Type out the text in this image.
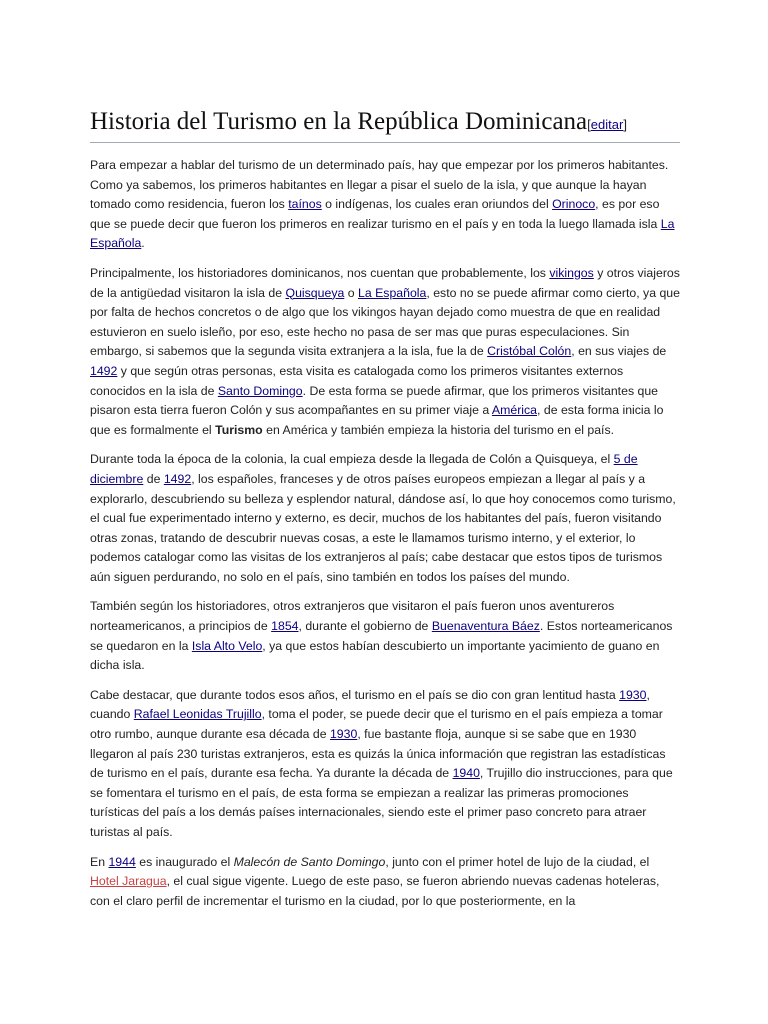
Historia del Turismo en la República Dominicana[editar]

Para empezar a hablar del turismo de un determinado país, hay que empezar por los primeros habitantes. Como ya sabemos, los primeros habitantes en llegar a pisar el suelo de la isla, y que aunque la hayan tomado como residencia, fueron los taínos o indígenas, los cuales eran oriundos del Orinoco, es por eso que se puede decir que fueron los primeros en realizar turismo en el país y en toda la luego llamada isla La Española.

Principalmente, los historiadores dominicanos, nos cuentan que probablemente, los vikingos y otros viajeros de la antigüedad visitaron la isla de Quisqueya o La Española, esto no se puede afirmar como cierto, ya que por falta de hechos concretos o de algo que los vikingos hayan dejado como muestra de que en realidad estuvieron en suelo isleño, por eso, este hecho no pasa de ser mas que puras especulaciones. Sin embargo, si sabemos que la segunda visita extranjera a la isla, fue la de Cristóbal Colón, en sus viajes de 1492 y que según otras personas, esta visita es catalogada como los primeros visitantes externos conocidos en la isla de Santo Domingo. De esta forma se puede afirmar, que los primeros visitantes que pisaron esta tierra fueron Colón y sus acompañantes en su primer viaje a América, de esta forma inicia lo que es formalmente el Turismo en América y también empieza la historia del turismo en el país.

Durante toda la época de la colonia, la cual empieza desde la llegada de Colón a Quisqueya, el 5 de diciembre de 1492, los españoles, franceses y de otros países europeos empiezan a llegar al país y a explorarlo, descubriendo su belleza y esplendor natural, dándose así, lo que hoy conocemos como turismo, el cual fue experimentado interno y externo, es decir, muchos de los habitantes del país, fueron visitando otras zonas, tratando de descubrir nuevas cosas, a este le llamamos turismo interno, y el exterior, lo podemos catalogar como las visitas de los extranjeros al país; cabe destacar que estos tipos de turismos aún siguen perdurando, no solo en el país, sino también en todos los países del mundo.

También según los historiadores, otros extranjeros que visitaron el país fueron unos aventureros norteamericanos, a principios de 1854, durante el gobierno de Buenaventura Báez. Estos norteamericanos se quedaron en la Isla Alto Velo, ya que estos habían descubierto un importante yacimiento de guano en dicha isla.

Cabe destacar, que durante todos esos años, el turismo en el país se dio con gran lentitud hasta 1930, cuando Rafael Leonidas Trujillo, toma el poder, se puede decir que el turismo en el país empieza a tomar otro rumbo, aunque durante esa década de 1930, fue bastante floja, aunque si se sabe que en 1930 llegaron al país 230 turistas extranjeros, esta es quizás la única información que registran las estadísticas de turismo en el país, durante esa fecha. Ya durante la década de 1940, Trujillo dio instrucciones, para que se fomentara el turismo en el país, de esta forma se empiezan a realizar las primeras promociones turísticas del país a los demás países internacionales, siendo este el primer paso concreto para atraer turistas al país.

En 1944 es inaugurado el Malecón de Santo Domingo, junto con el primer hotel de lujo de la ciudad, el Hotel Jaragua, el cual sigue vigente. Luego de este paso, se fueron abriendo nuevas cadenas hoteleras, con el claro perfil de incrementar el turismo en la ciudad, por lo que posteriormente, en la
